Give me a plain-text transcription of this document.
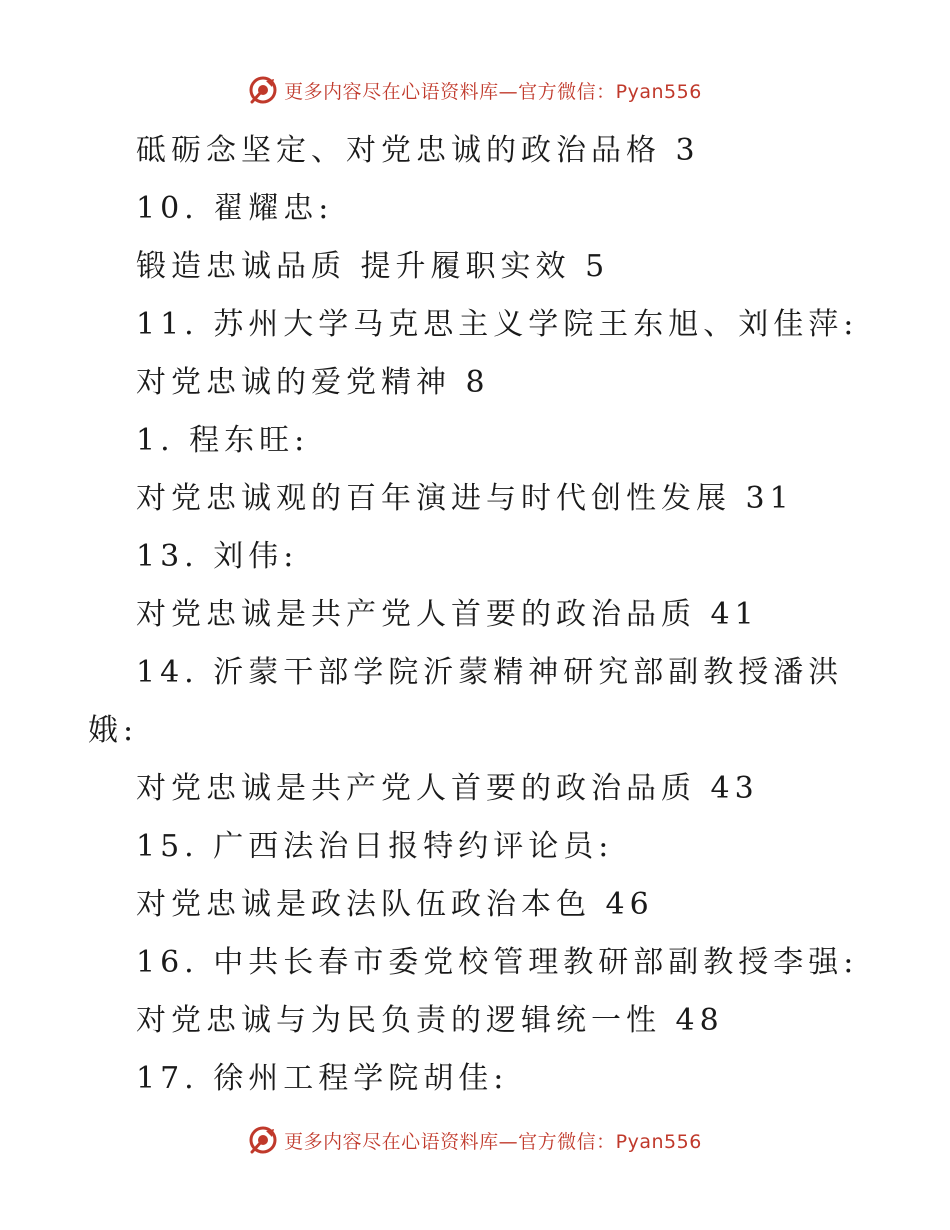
更多内容尽在心语资料库—官方微信：Pyan556
砥砺念坚定、对党忠诚的政治品格 3
10. 翟耀忠:
锻造忠诚品质 提升履职实效 5
11. 苏州大学马克思主义学院王东旭、刘佳萍:
对党忠诚的爱党精神 8
1. 程东旺:
对党忠诚观的百年演进与时代创性发展 31
13. 刘伟:
对党忠诚是共产党人首要的政治品质 41
14. 沂蒙干部学院沂蒙精神研究部副教授潘洪
娥:
对党忠诚是共产党人首要的政治品质 43
15. 广西法治日报特约评论员:
对党忠诚是政法队伍政治本色 46
16. 中共长春市委党校管理教研部副教授李强:
对党忠诚与为民负责的逻辑统一性 48
17. 徐州工程学院胡佳:
更多内容尽在心语资料库—官方微信：Pyan556
